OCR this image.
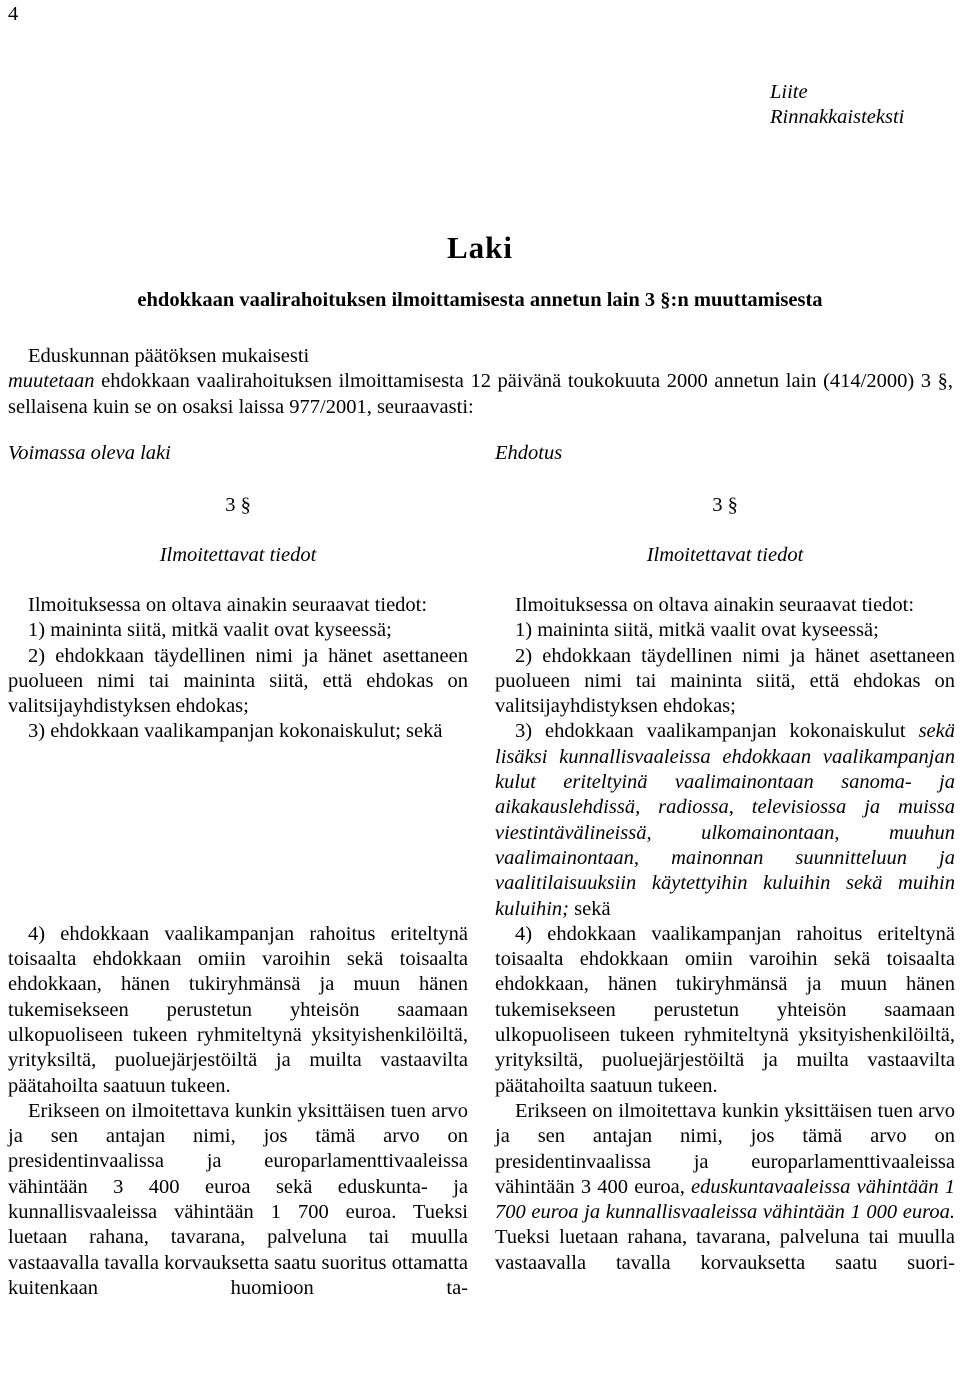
4
Liite
Rinnakkaisteksti
Laki
ehdokkaan vaalirahoituksen ilmoittamisesta annetun lain 3 §:n muuttamisesta

Eduskunnan päätöksen mukaisesti

muutetaan ehdokkaan vaalirahoituksen ilmoittamisesta 12 päivänä toukokuuta 2000 annetun lain (414/2000) 3 §, sellaisena kuin se on osaksi laissa 977/2001, seuraavasti:

Voimassa oleva laki	Ehdotus
3 §	3 §
Ilmoitettavat tiedot	Ilmoitettavat tiedot

Ilmoituksessa on oltava ainakin seuraavat tiedot:

1) maininta siitä, mitkä vaalit ovat kyseessä;

2) ehdokkaan täydellinen nimi ja hänet asettaneen puolueen nimi tai maininta siitä, että ehdokas on valitsijayhdistyksen ehdokas;

3) ehdokkaan vaalikampanjan kokonaiskulut; sekä

4) ehdokkaan vaalikampanjan rahoitus eriteltynä toisaalta ehdokkaan omiin varoihin sekä toisaalta ehdokkaan, hänen tukiryhmänsä ja muun hänen tukemisekseen perustetun yhteisön saamaan ulkopuoliseen tukeen ryhmiteltynä yksityishenkilöiltä, yrityksiltä, puoluejärjestöiltä ja muilta vastaavilta päätahoilta saatuun tukeen.

Erikseen on ilmoitettava kunkin yksittäisen tuen arvo ja sen antajan nimi, jos tämä arvo on presidentinvaalissa ja europarlamenttivaaleissa vähintään 3 400 euroa sekä eduskunta- ja kunnallisvaaleissa vähintään 1 700 euroa. Tueksi luetaan rahana, tavarana, palveluna tai muulla vastaavalla tavalla korvauksetta saatu suoritus ottamatta kuitenkaan huomioon ta-

Ilmoituksessa on oltava ainakin seuraavat tiedot:

1) maininta siitä, mitkä vaalit ovat kyseessä;

2) ehdokkaan täydellinen nimi ja hänet asettaneen puolueen nimi tai maininta siitä, että ehdokas on valitsijayhdistyksen ehdokas;

3) ehdokkaan vaalikampanjan kokonaiskulut sekä lisäksi kunnallisvaaleissa ehdokkaan vaalikampanjan kulut eriteltyinä vaalimainontaan sanoma- ja aikakauslehdissä, radiossa, televisiossa ja muissa viestintävälineissä, ulkomainontaan, muuhun vaalimainontaan, mainonnan suunnitteluun ja vaalitilaisuuksiin käytettyihin kuluihin sekä muihin kuluihin; sekä

4) ehdokkaan vaalikampanjan rahoitus eriteltynä toisaalta ehdokkaan omiin varoihin sekä toisaalta ehdokkaan, hänen tukiryhmänsä ja muun hänen tukemisekseen perustetun yhteisön saamaan ulkopuoliseen tukeen ryhmiteltynä yksityishenkilöiltä, yrityksiltä, puoluejärjestöiltä ja muilta vastaavilta päätahoilta saatuun tukeen.

Erikseen on ilmoitettava kunkin yksittäisen tuen arvo ja sen antajan nimi, jos tämä arvo on presidentinvaalissa ja europarlamenttivaaleissa vähintään 3 400 euroa, eduskuntavaaleissa vähintään 1 700 euroa ja kunnallisvaaleissa vähintään 1 000 euroa. Tueksi luetaan rahana, tavarana, palveluna tai muulla vastaavalla tavalla korvauksetta saatu suori-
